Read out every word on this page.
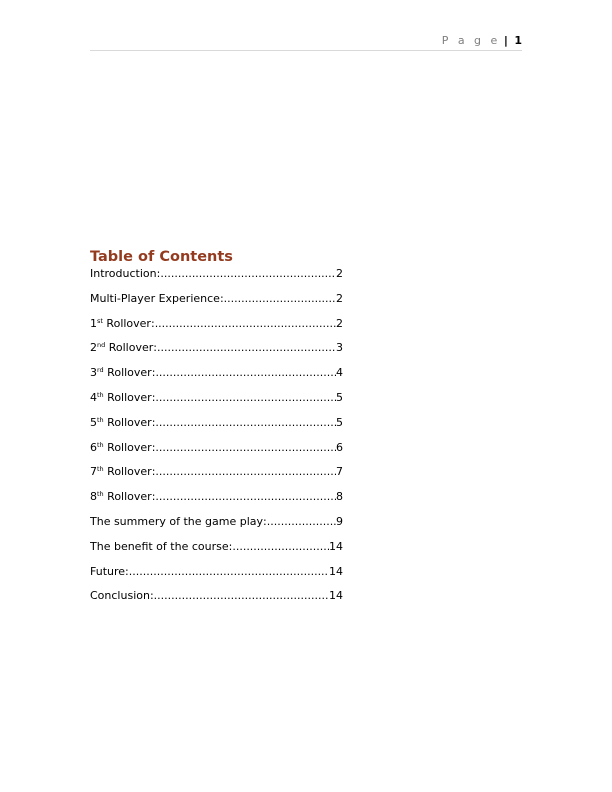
P a g e | 1
Table of Contents
Introduction : .....	2
Multi-Player Experience : .....	2
1st Rollover : .....	2
2nd Rollover : .....	3
3rd Rollover : .....	4
4th Rollover : .....	5
5th Rollover : .....	5
6th Rollover : .....	6
7th Rollover : .....	7
8th Rollover : .....	8
The summery of the game play : .....	9
The benefit of the course : .....	14
Future : .....	14
Conclusion : .....	14
